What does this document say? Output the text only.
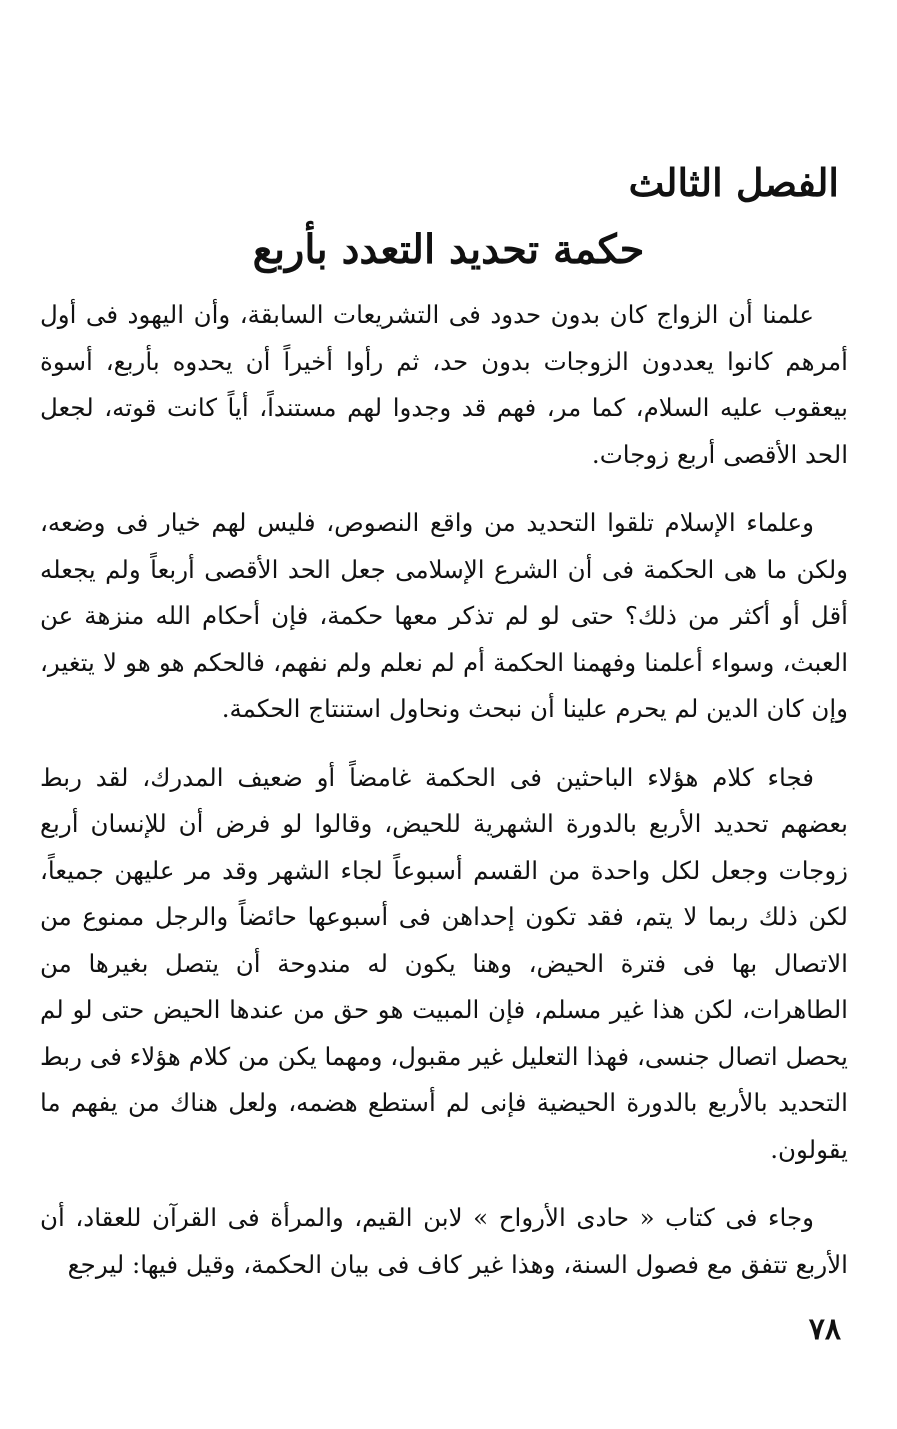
الفصل الثالث
حكمة تحديد التعدد بأربع

علمنا أن الزواج كان بدون حدود فى التشريعات السابقة، وأن اليهود فى أول أمرهم كانوا يعددون الزوجات بدون حد، ثم رأوا أخيراً أن يحدوه بأربع، أسوة بيعقوب عليه السلام، كما مر، فهم قد وجدوا لهم مستنداً، أياً كانت قوته، لجعل الحد الأقصى أربع زوجات.

وعلماء الإسلام تلقوا التحديد من واقع النصوص، فليس لهم خيار فى وضعه، ولكن ما هى الحكمة فى أن الشرع الإسلامى جعل الحد الأقصى أربعاً ولم يجعله أقل أو أكثر من ذلك؟ حتى لو لم تذكر معها حكمة، فإن أحكام الله منزهة عن العبث، وسواء أعلمنا وفهمنا الحكمة أم لم نعلم ولم نفهم، فالحكم هو هو لا يتغير، وإن كان الدين لم يحرم علينا أن نبحث ونحاول استنتاج الحكمة.

فجاء كلام هؤلاء الباحثين فى الحكمة غامضاً أو ضعيف المدرك، لقد ربط بعضهم تحديد الأربع بالدورة الشهرية للحيض، وقالوا لو فرض أن للإنسان أربع زوجات وجعل لكل واحدة من القسم أسبوعاً لجاء الشهر وقد مر عليهن جميعاً، لكن ذلك ربما لا يتم، فقد تكون إحداهن فى أسبوعها حائضاً والرجل ممنوع من الاتصال بها فى فترة الحيض، وهنا يكون له مندوحة أن يتصل بغيرها من الطاهرات، لكن هذا غير مسلم، فإن المبيت هو حق من عندها الحيض حتى لو لم يحصل اتصال جنسى، فهذا التعليل غير مقبول، ومهما يكن من كلام هؤلاء فى ربط التحديد بالأربع بالدورة الحيضية فإنى لم أستطع هضمه، ولعل هناك من يفهم ما يقولون.

وجاء فى كتاب « حادى الأرواح » لابن القيم، والمرأة فى القرآن للعقاد، أن الأربع تتفق مع فصول السنة، وهذا غير كاف فى بيان الحكمة، وقيل فيها: ليرجع

٧٨
